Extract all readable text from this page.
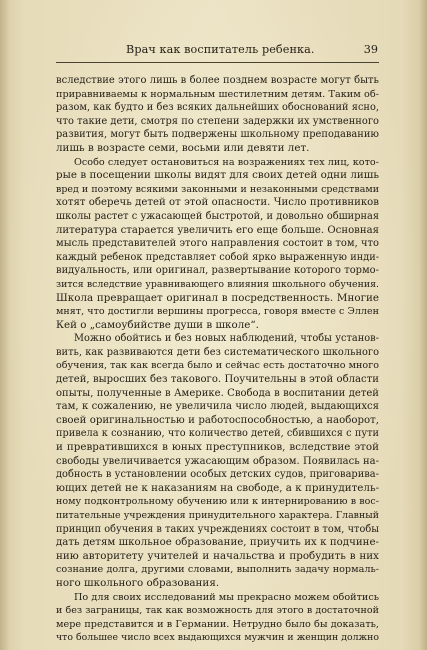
Врач как воспитатель ребенка.	39
вследствие этого лишь в более позднем возрасте могут быть
приравниваемы к нормальным шестилетним детям. Таким об-
разом, как будто и без всяких дальнейших обоснований ясно,
что такие дети, смотря по степени задержки их умственного
развития, могут быть подвержены школьному преподаванию
лишь в возрасте семи, восьми или девяти лет.
Особо следует остановиться на возражениях тех лиц, кото-
рые в посещении школы видят для своих детей одни лишь
вред и поэтому всякими законными и незаконными средствами
хотят оберечь детей от этой опасности. Число противников
школы растет с ужасающей быстротой, и довольно обширная
литература старается увеличить его еще больше. Основная
мысль представителей этого направления состоит в том, что
каждый ребенок представляет собой ярко выраженную инди-
видуальность, или оригинал, развертывание которого тормо-
зится вследствие уравнивающего влияния школьного обучения.
Школа превращает оригинал в посредственность. Многие
мнят, что достигли вершины прогресса, говоря вместе с Эллен
Кей о „самоубийстве души в школе“.
Можно обойтись и без новых наблюдений, чтобы установ-
вить, как развиваются дети без систематического школьного
обучения, так как всегда было и сейчас есть достаточно много
детей, выросших без такового. Поучительны в этой области
опыты, полученные в Америке. Свобода в воспитании детей
там, к сожалению, не увеличила число людей, выдающихся
своей оригинальностью и работоспособностью, а наоборот,
привела к сознанию, что количество детей, сбившихся с пути
и превратившихся в юных преступников, вследствие этой
свободы увеличивается ужасающим образом. Появилась на-
добность в установлении особых детских судов, приговарива-
ющих детей не к наказаниям на свободе, а к принудитель-
ному подконтрольному обучению или к интернированию в вос-
питательные учреждения принудительного характера. Главный
принцип обучения в таких учреждениях состоит в том, чтобы
дать детям школьное образование, приучить их к подчине-
нию авторитету учителей и начальства и пробудить в них
сознание долга, другими словами, выполнить задачу нормаль-
ного школьного образования.
По для своих исследований мы прекрасно можем обойтись
и без заграницы, так как возможность для этого в достаточной
мере представится и в Германии. Нетрудно было бы доказать,
что большее число всех выдающихся мужчин и женщин должно
